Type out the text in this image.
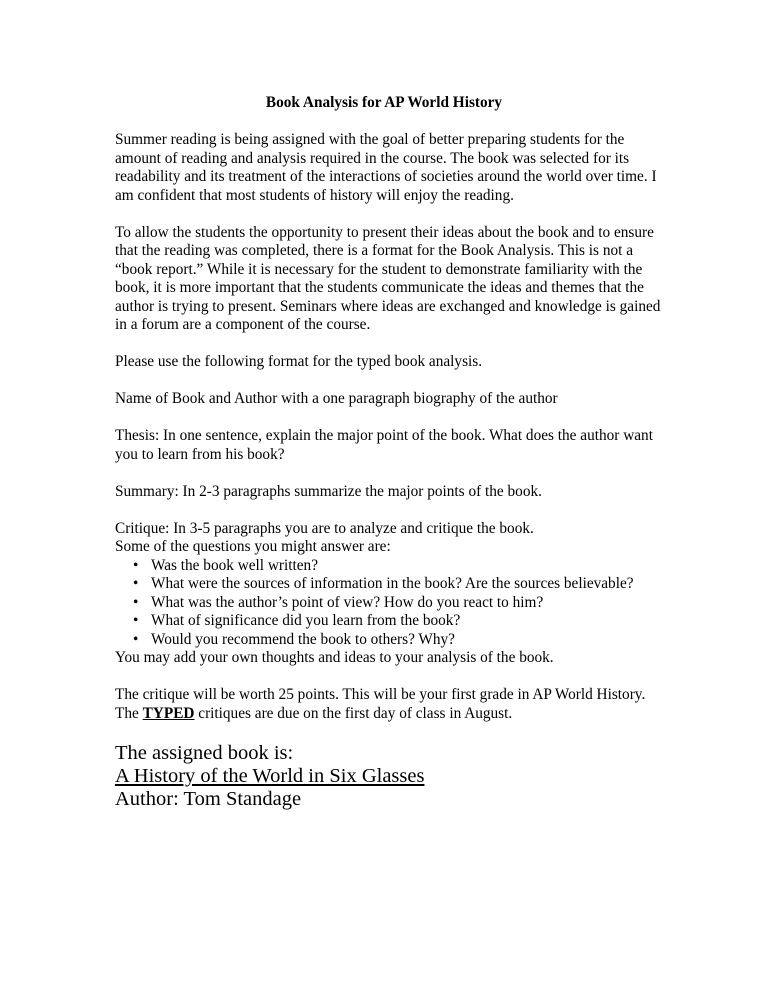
Book Analysis for AP World History
Summer reading is being assigned with the goal of better preparing students for the
amount of reading and analysis required in the course. The book was selected for its
readability and its treatment of the interactions of societies around the world over time. I
am confident that most students of history will enjoy the reading.
To allow the students the opportunity to present their ideas about the book and to ensure
that the reading was completed, there is a format for the Book Analysis. This is not a
“book report.” While it is necessary for the student to demonstrate familiarity with the
book, it is more important that the students communicate the ideas and themes that the
author is trying to present. Seminars where ideas are exchanged and knowledge is gained
in a forum are a component of the course.
Please use the following format for the typed book analysis.
Name of Book and Author with a one paragraph biography of the author
Thesis: In one sentence, explain the major point of the book. What does the author want
you to learn from his book?
Summary: In 2-3 paragraphs summarize the major points of the book.
Critique: In 3-5 paragraphs you are to analyze and critique the book.
Some of the questions you might answer are:
• Was the book well written?
• What were the sources of information in the book? Are the sources believable?
• What was the author’s point of view? How do you react to him?
• What of significance did you learn from the book?
• Would you recommend the book to others? Why?
You may add your own thoughts and ideas to your analysis of the book.
The critique will be worth 25 points. This will be your first grade in AP World History.
The TYPED critiques are due on the first day of class in August.
The assigned book is:
A History of the World in Six Glasses
Author: Tom Standage
